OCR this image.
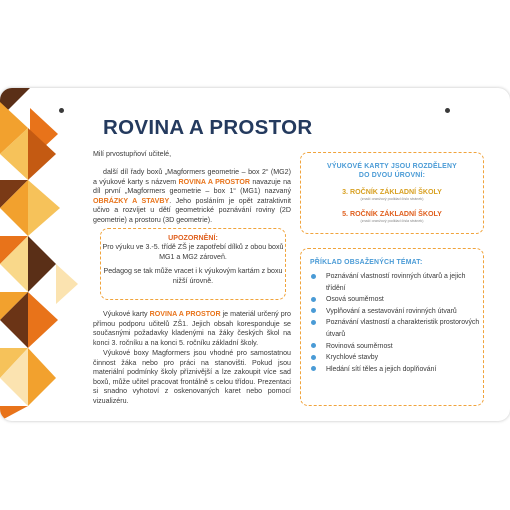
ROVINA A PROSTOR
Milí prvostupňoví učitelé,
další díl řady boxů „Magformers geometrie – box 2“ (MG2) a výukové karty s názvem ROVINA A PROSTOR navazuje na díl první „Magformers geometrie – box 1“ (MG1) nazvaný OBRÁZKY A STAVBY. Jeho posláním je opět zatraktivnit učivo a rozvíjet u dětí geometrické poznávání roviny (2D geometrie) a prostoru (3D geometrie).

UPOZORNĚNÍ:

Pro výuku ve 3.-5. třídě ZŠ je zapotřebí dílků z obou boxů MG1 a MG2 zároveň.

Pedagog se tak může vracet i k výukovým kartám z boxu nižší úrovně.

Výukové karty ROVINA A PROSTOR je materiál určený pro přímou podporu učitelů ZŠ1. Jejich obsah koresponduje se současnými požadavky kladenými na žáky českých škol na konci 3. ročníku a na konci 5. ročníku základní školy.
Výukové boxy Magformers jsou vhodné pro samostatnou činnost žáka nebo pro práci na stanovišti. Pokud jsou materiální podmínky školy příznivější a lze zakoupit více sad boxů, může učitel pracovat frontálně s celou třídou. Prezentaci si snadno vyhotoví z oskenovaných karet nebo pomocí vizualizéru.
VÝUKOVÉ KARTY JSOU ROZDĚLENY
DO DVOU ÚROVNÍ:
3. ROČNÍK ZÁKLADNÍ ŠKOLY
(značí oranžový podklad číslo stránek)
5. ROČNÍK ZÁKLADNÍ ŠKOLY
(značí oranžový podklad čísla stránek)
PŘÍKLAD OBSAŽENÝCH TÉMAT:
Poznávání vlastností rovinných útvarů a jejich třídění
Osová souměrnost
Vyplňování a sestavování rovinných útvarů
Poznávání vlastností a charakteristik prostorových útvarů
Rovinová souměrnost
Krychlové stavby
Hledání sítí těles a jejich doplňování
